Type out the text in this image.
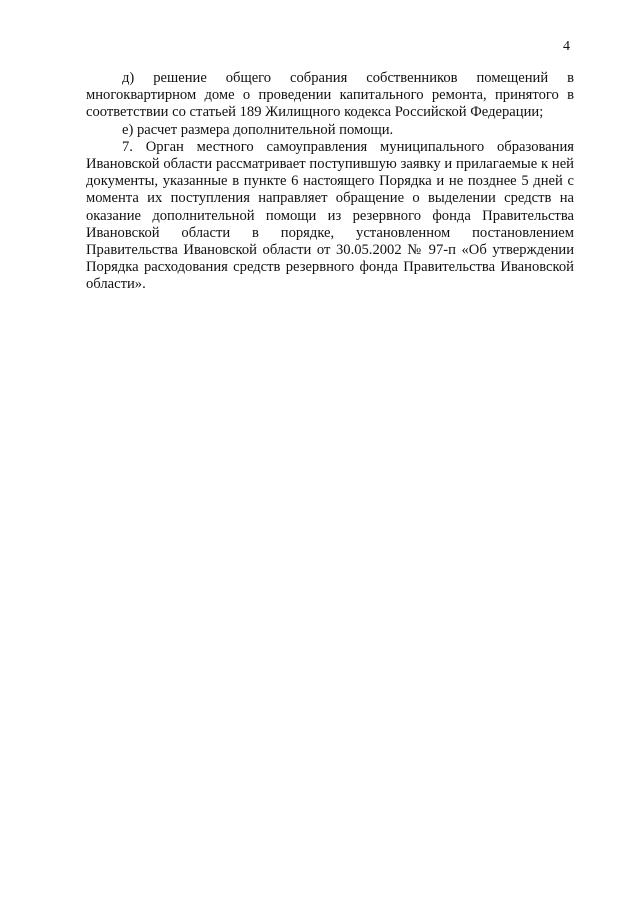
4

д) решение общего собрания собственников помещений в многоквартирном доме о проведении капитального ремонта, принятого в соответствии со статьей 189 Жилищного кодекса Российской Федерации;

е) расчет размера дополнительной помощи.

7. Орган местного самоуправления муниципального образования Ивановской области рассматривает поступившую заявку и прилагаемые к ней документы, указанные в пункте 6 настоящего Порядка и не позднее 5 дней с момента их поступления направляет обращение о выделении средств на оказание дополнительной помощи из резервного фонда Правительства Ивановской области в порядке, установленном постановлением Правительства Ивановской области от 30.05.2002 № 97-п «Об утверждении Порядка расходования средств резервного фонда Правительства Ивановской области».
